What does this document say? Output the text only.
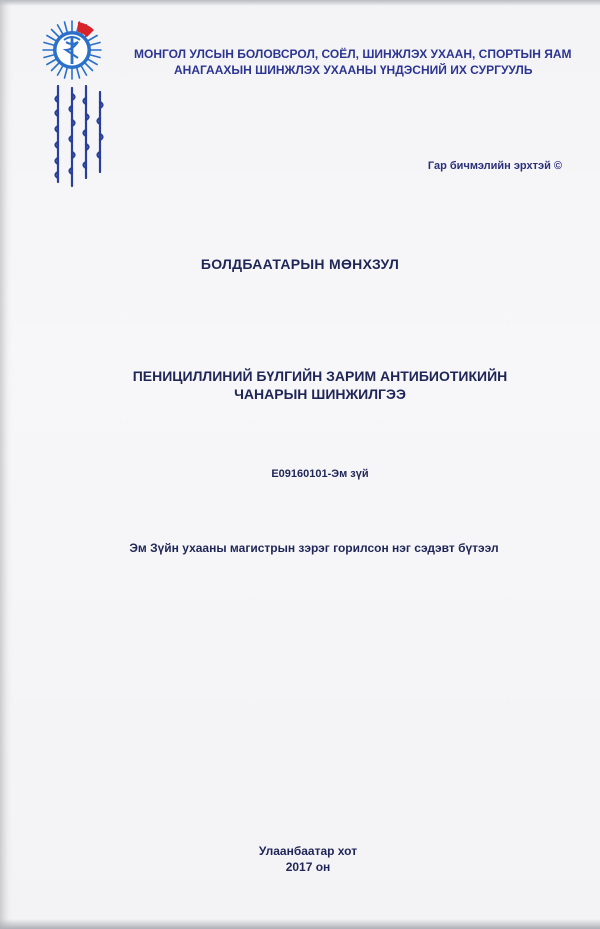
МОНГОЛ УЛСЫН БОЛОВСРОЛ, СОЁЛ, ШИНЖЛЭХ УХААН, СПОРТЫН ЯАМ
АНАГААХЫН ШИНЖЛЭХ УХААНЫ ҮНДЭСНИЙ ИХ СУРГУУЛЬ
Гар бичмэлийн эрхтэй ©
БОЛДБААТАРЫН МӨНХЗУЛ
ПЕНИЦИЛЛИНИЙ БҮЛГИЙН ЗАРИМ АНТИБИОТИКИЙН
ЧАНАРЫН ШИНЖИЛГЭЭ
E09160101-Эм зүй
Эм Зүйн ухааны магистрын зэрэг горилсон нэг сэдэвт бүтээл
Улаанбаатар хот
2017 он
